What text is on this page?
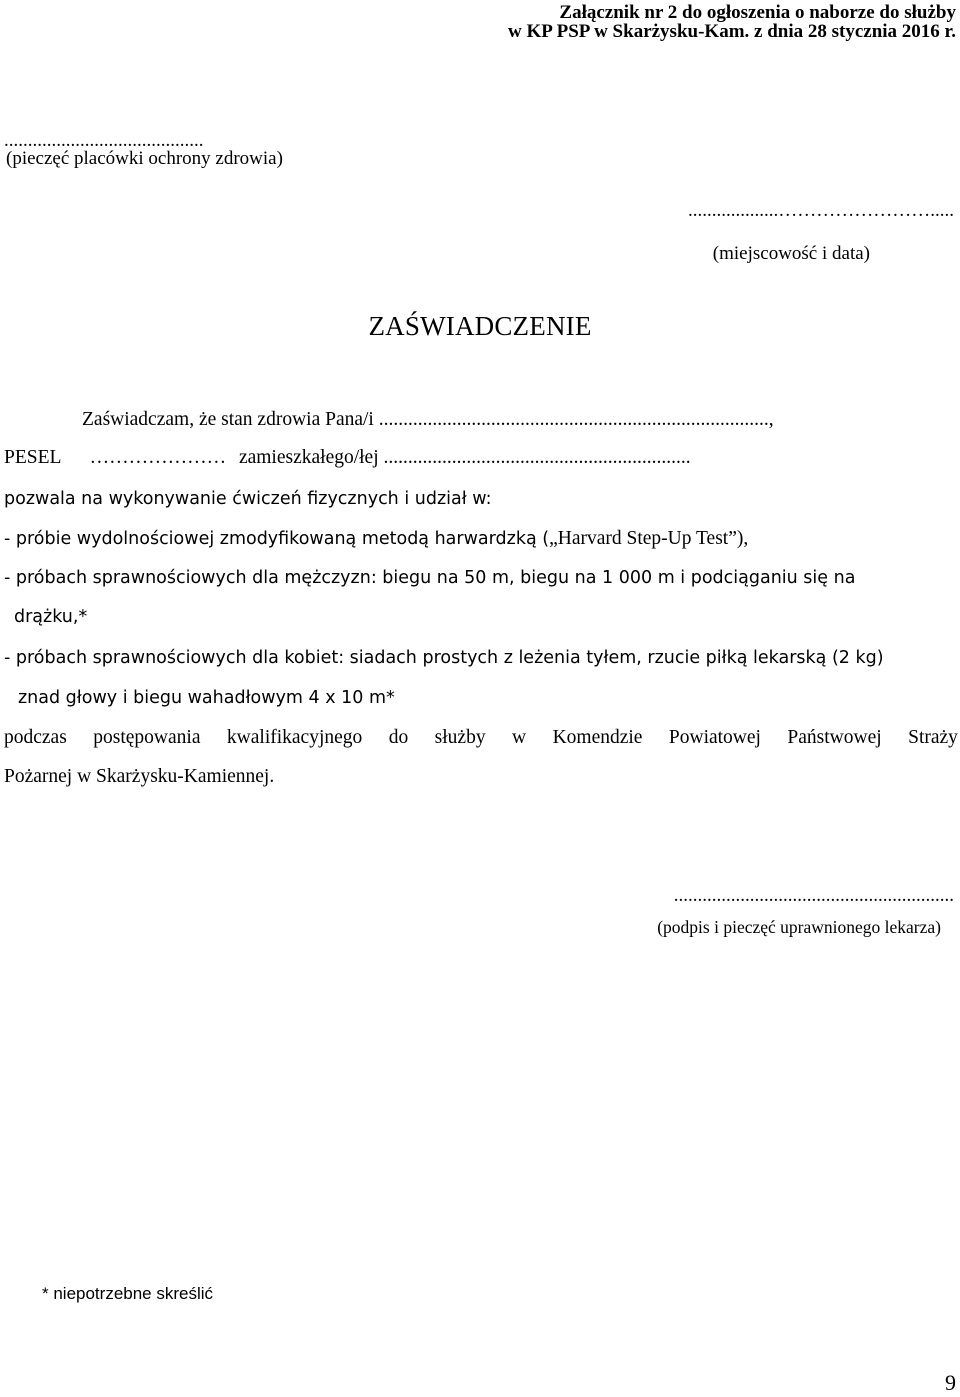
Załącznik nr 2 do ogłoszenia o naborze do służby
w KP PSP w Skarżysku-Kam. z dnia 28 stycznia 2016 r.
..........................................
(pieczęć placówki ochrony zdrowia)
...................…………………….....
(miejscowość i data)
ZAŚWIADCZENIE
Zaświadczam, że stan zdrowia Pana/i ................................................................................,
PESEL ………………… zamieszkałego/łej ...............................................................
pozwala na wykonywanie ćwiczeń fizycznych i udział w:
- próbie wydolnościowej zmodyfikowaną metodą harwardzką („Harvard Step-Up Test”),
- próbach sprawnościowych dla mężczyzn: biegu na 50 m, biegu na 1 000 m i podciąganiu się na
drążku,*
- próbach sprawnościowych dla kobiet: siadach prostych z leżenia tyłem, rzucie piłką lekarską (2 kg)
znad głowy i biegu wahadłowym 4 x 10 m*
podczas postępowania kwalifikacyjnego do służby w Komendzie Powiatowej Państwowej Straży
Pożarnej w Skarżysku-Kamiennej.
...........................................................
(podpis i pieczęć uprawnionego lekarza)
* niepotrzebne skreślić
9
